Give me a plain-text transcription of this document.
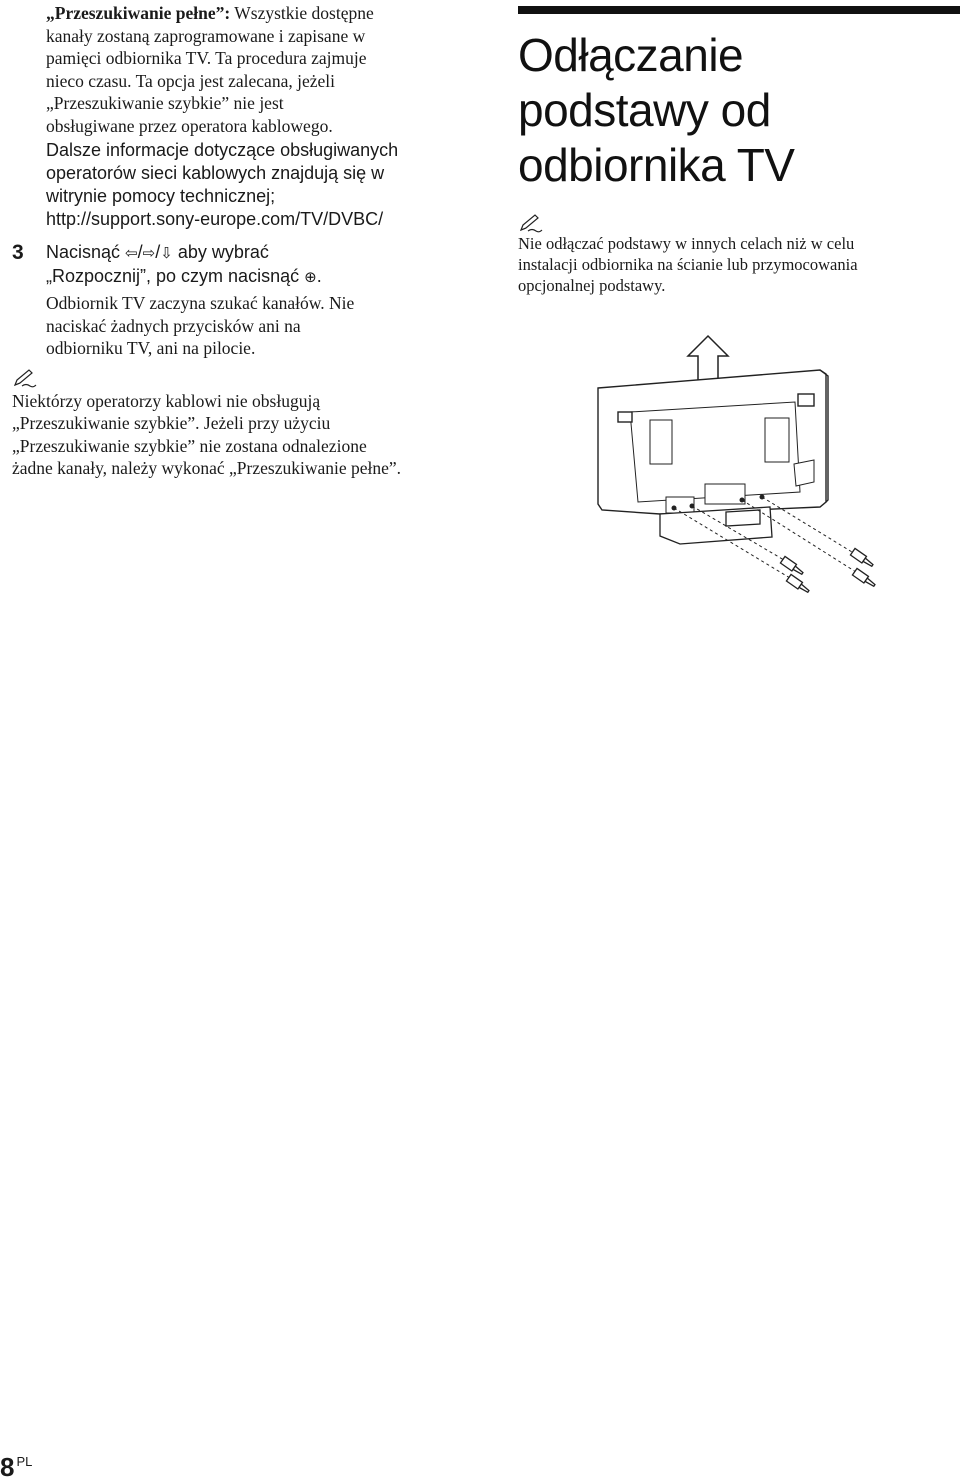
„Przeszukiwanie pełne”: Wszystkie dostępne
kanały zostaną zaprogramowane i zapisane w
pamięci odbiornika TV. Ta procedura zajmuje
nieco czasu. Ta opcja jest zalecana, jeżeli
„Przeszukiwanie szybkie” nie jest
obsługiwane przez operatora kablowego.
Dalsze informacje dotyczące obsługiwanych
operatorów sieci kablowych znajdują się w
witrynie pomocy technicznej;
http://support.sony-europe.com/TV/DVBC/
3 Nacisnąć ⇦/⇨/⇩ aby wybrać
„Rozpocznij”, po czym nacisnąć ⊕.
Odbiornik TV zaczyna szukać kanałów. Nie
naciskać żadnych przycisków ani na
odbiorniku TV, ani na pilocie.
Niektórzy operatorzy kablowi nie obsługują
„Przeszukiwanie szybkie”. Jeżeli przy użyciu
„Przeszukiwanie szybkie” nie zostana odnalezione
żadne kanały, należy wykonać „Przeszukiwanie pełne”.
Odłączanie
podstawy od
odbiornika TV
Nie odłączać podstawy w innych celach niż w celu
instalacji odbiornika na ścianie lub przymocowania
opcjonalnej podstawy.
8 $^{PL}$
